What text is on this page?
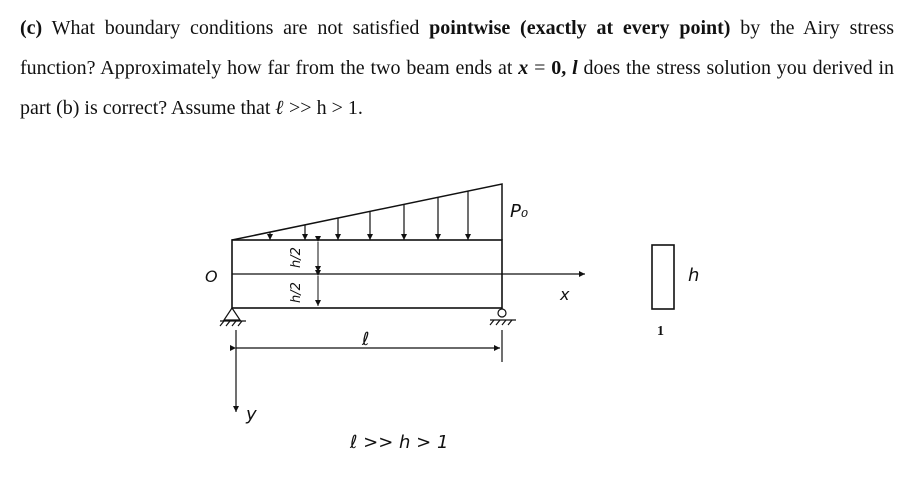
(c) What boundary conditions are not satisfied pointwise (exactly at every point) by the Airy stress function? Approximately how far from the two beam ends at x = 0, l does the stress solution you derived in part (b) is correct? Assume that ℓ >> h > 1.
P₀
x
O
y
h/2
h/2
ℓ
ℓ >> h > 1
h
1
